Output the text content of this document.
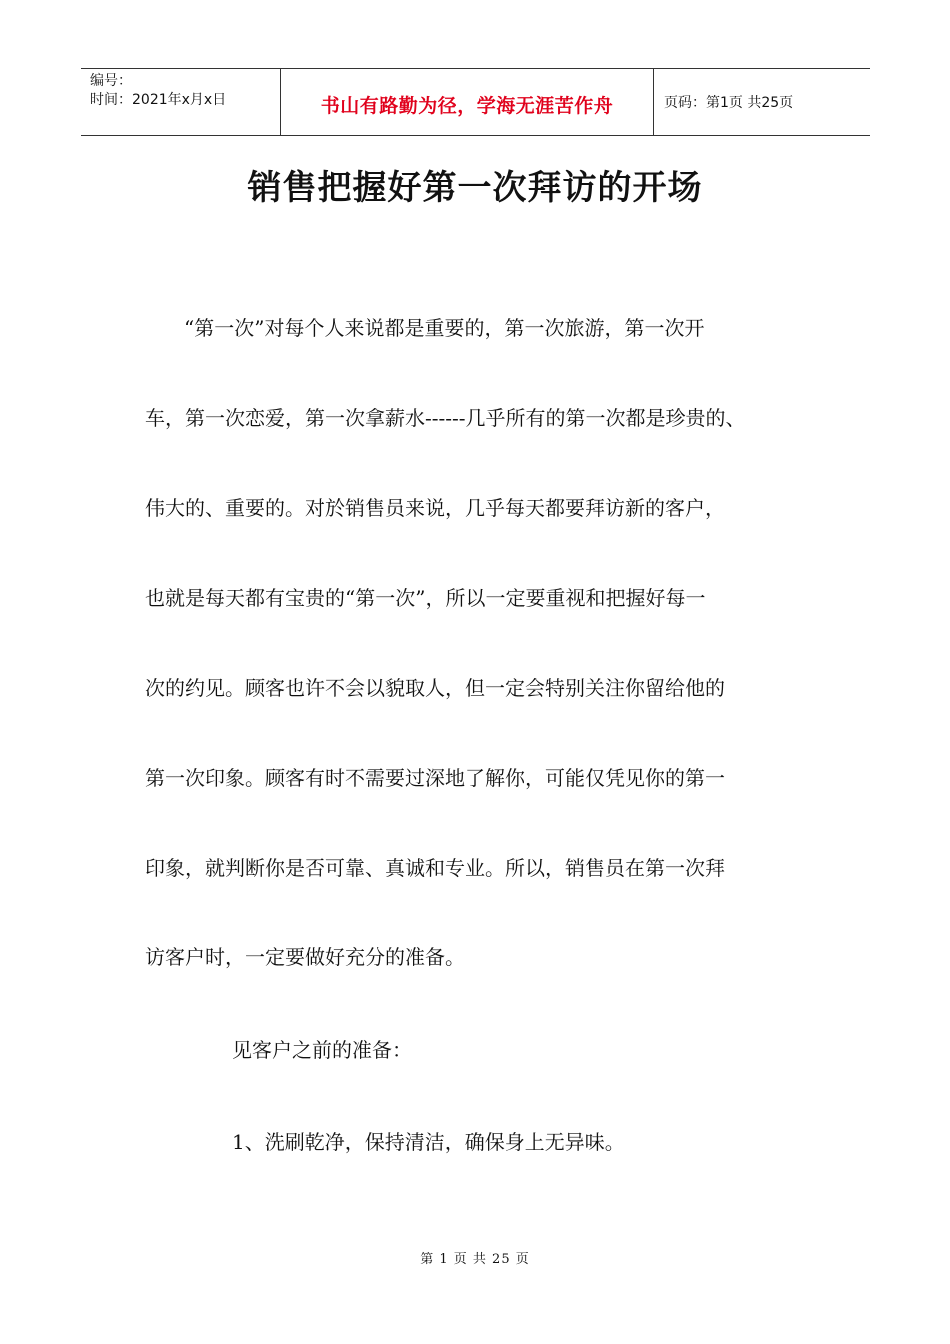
编号：
时间：2021年x月x日	书山有路勤为径，学海无涯苦作舟	页码：第1页 共25页
销售把握好第一次拜访的开场
“第一次”对每个人来说都是重要的，第一次旅游，第一次开
车，第一次恋爱，第一次拿薪水------几乎所有的第一次都是珍贵的、
伟大的、重要的。对於销售员来说，几乎每天都要拜访新的客户，
也就是每天都有宝贵的“第一次”，所以一定要重视和把握好每一
次的约见。顾客也许不会以貌取人，但一定会特别关注你留给他的
第一次印象。顾客有时不需要过深地了解你，可能仅凭见你的第一
印象，就判断你是否可靠、真诚和专业。所以，销售员在第一次拜
访客户时，一定要做好充分的准备。
见客户之前的准备：
1、洗刷乾净，保持清洁，确保身上无异味。
第 1 页 共 25 页
